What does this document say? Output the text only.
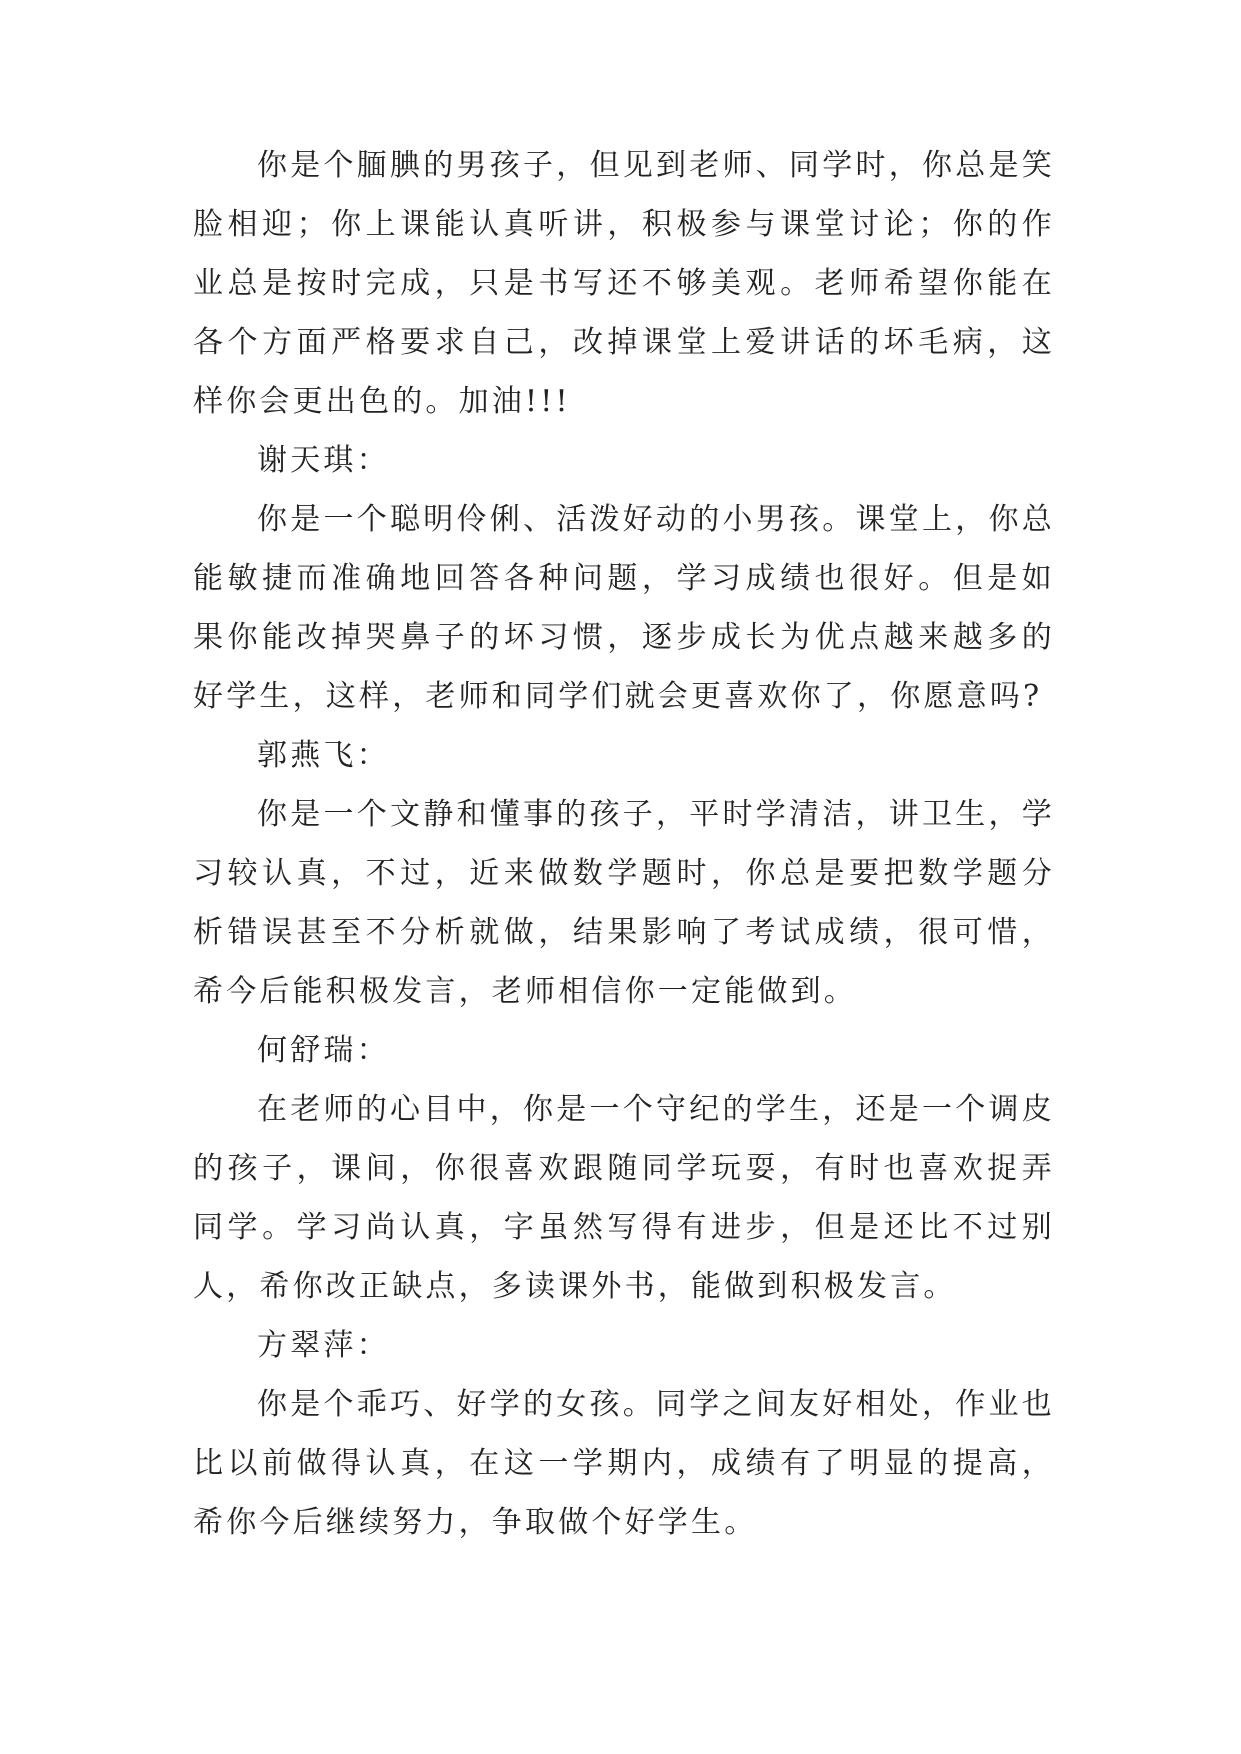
你是个腼腆的男孩子，但见到老师、同学时，你总是笑脸相迎；你上课能认真听讲，积极参与课堂讨论；你的作业总是按时完成，只是书写还不够美观。老师希望你能在各个方面严格要求自己，改掉课堂上爱讲话的坏毛病，这样你会更出色的。加油!!!

谢天琪：

你是一个聪明伶俐、活泼好动的小男孩。课堂上，你总能敏捷而准确地回答各种问题，学习成绩也很好。但是如果你能改掉哭鼻子的坏习惯，逐步成长为优点越来越多的好学生，这样，老师和同学们就会更喜欢你了，你愿意吗?

郭燕飞：

你是一个文静和懂事的孩子，平时学清洁，讲卫生，学习较认真，不过，近来做数学题时，你总是要把数学题分析错误甚至不分析就做，结果影响了考试成绩，很可惜，希今后能积极发言，老师相信你一定能做到。

何舒瑞：

在老师的心目中，你是一个守纪的学生，还是一个调皮的孩子，课间，你很喜欢跟随同学玩耍，有时也喜欢捉弄同学。学习尚认真，字虽然写得有进步，但是还比不过别人，希你改正缺点，多读课外书，能做到积极发言。

方翠萍：

你是个乖巧、好学的女孩。同学之间友好相处，作业也比以前做得认真，在这一学期内，成绩有了明显的提高，希你今后继续努力，争取做个好学生。
